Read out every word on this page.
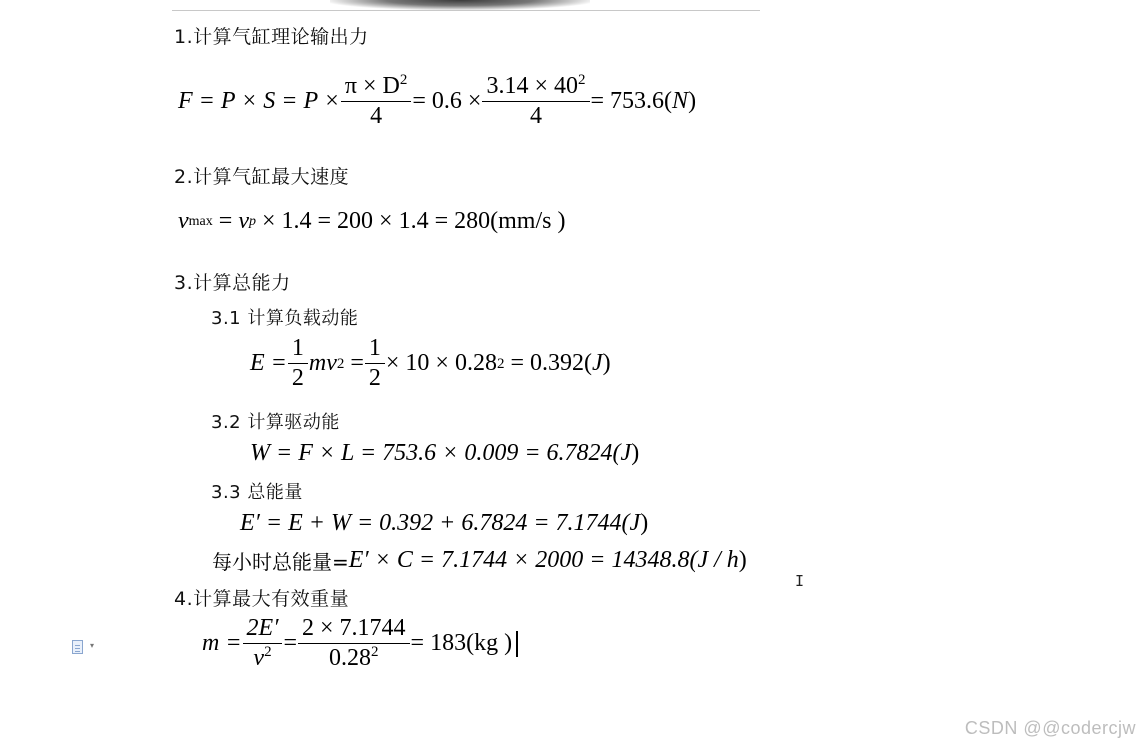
1.计算气缸理论输出力
$F = P \times S = P \times \frac{\pi \times D^2}{4} = 0.6 \times \frac{3.14 \times 40^2}{4} = 753.6$( N )
2.计算气缸最大速度
v max = v p × 1.4 = 200 × 1.4 = 280(mm/s )
3.计算总能力
3.1 计算负载动能
$E = \frac{1}{2}$ mv $2 = \frac{1}{2} \times 10 \times 0.28$ 2 = 0.392( J )
3.2 计算驱动能
W = F × L = 753.6 × 0.009 = 6.7824( J )
3.3 总能量
E′ = E + W = 0.392 + 6.7824 = 7.1744( J )
每小时总能量= E′ × C = 7.1744 × 2000 = 14348.8( J / h )
I
4.计算最大有效重量
▾	$m = \frac{2E'}{v^2} = \frac{2 \times 7.1744}{0.28^2} = 183(kg$ )
CSDN @@codercjw
